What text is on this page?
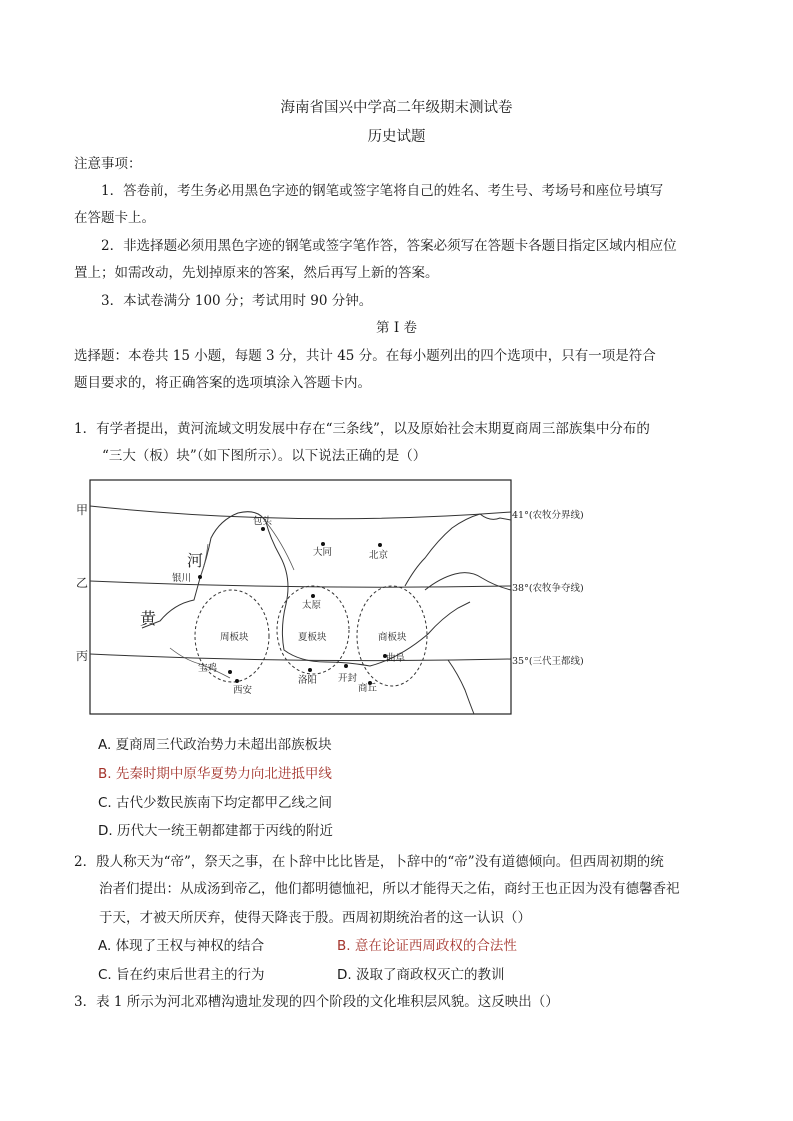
海南省国兴中学高二年级期末测试卷
历史试题
注意事项：
1．答卷前，考生务必用黑色字迹的钢笔或签字笔将自己的姓名、考生号、考场号和座位号填写
在答题卡上。
2．非选择题必须用黑色字迹的钢笔或签字笔作答，答案必须写在答题卡各题目指定区域内相应位
置上；如需改动，先划掉原来的答案，然后再写上新的答案。
3．本试卷满分 100 分；考试用时 90 分钟。
第 I 卷
选择题：本卷共 15 小题，每题 3 分，共计 45 分。在每小题列出的四个选项中，只有一项是符合
题目要求的，将正确答案的选项填涂入答题卡内。
1．有学者提出，黄河流域文明发展中存在“三条线”，以及原始社会末期夏商周三部族集中分布的
“三大（板）块”（如下图所示）。以下说法正确的是（）
甲
乙
丙
41°(农牧分界线)
38°(农牧争夺线)
35°(三代王都线)
河
黄
周板块	夏板块	商板块
包头
大同	北京
银川
太原
曲阜
宝鸡
西安
洛阳 开封
商丘
A. 夏商周三代政治势力未超出部族板块
B. 先秦时期中原华夏势力向北进抵甲线
C. 古代少数民族南下均定都甲乙线之间
D. 历代大一统王朝都建都于丙线的附近
2．殷人称天为“帝”，祭天之事，在卜辞中比比皆是，卜辞中的“帝”没有道德倾向。但西周初期的统
治者们提出：从成汤到帝乙，他们都明德恤祀，所以才能得天之佑，商纣王也正因为没有德馨香祀
于天，才被天所厌弃，使得天降丧于殷。西周初期统治者的这一认识（）
A. 体现了王权与神权的结合	B. 意在论证西周政权的合法性
C. 旨在约束后世君主的行为	D. 汲取了商政权灭亡的教训
3．表 1 所示为河北邓槽沟遗址发现的四个阶段的文化堆积层风貌。这反映出（）
